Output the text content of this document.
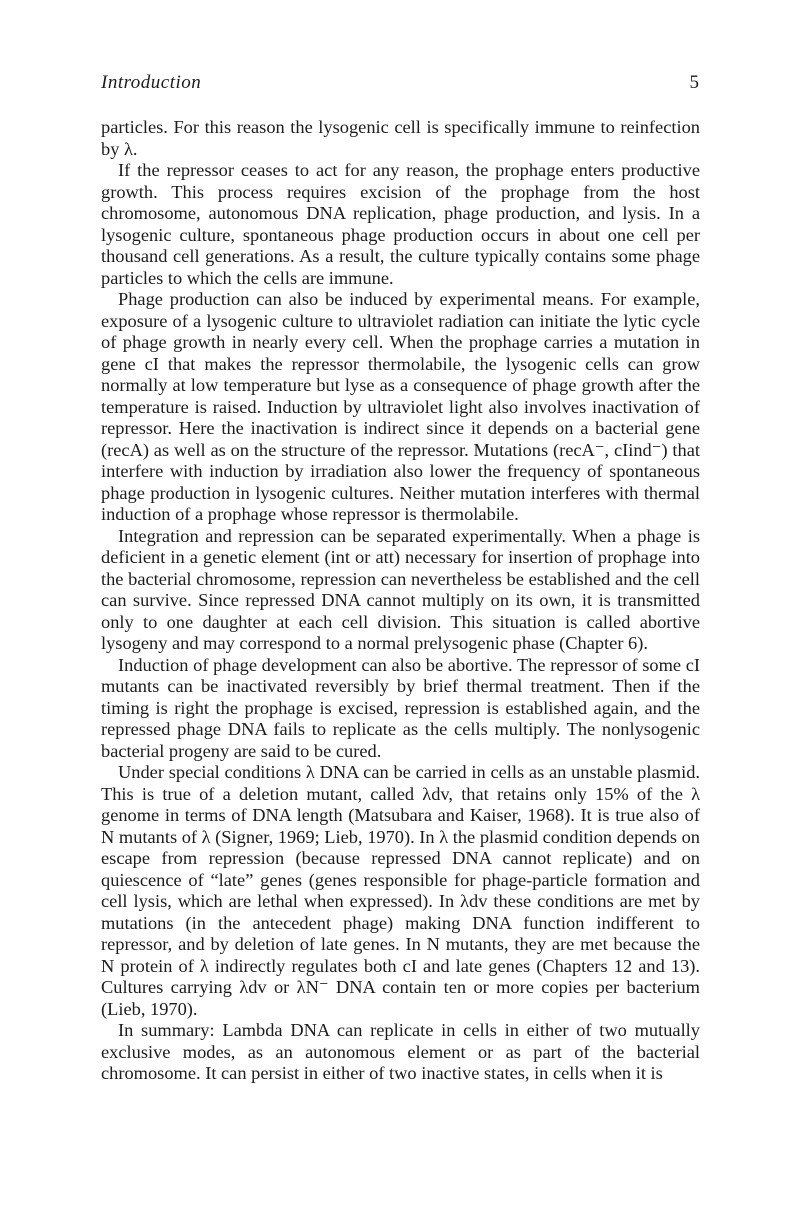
Introduction	5

particles. For this reason the lysogenic cell is specifically immune to reinfection by λ.

If the repressor ceases to act for any reason, the prophage enters productive growth. This process requires excision of the prophage from the host chromosome, autonomous DNA replication, phage production, and lysis. In a lysogenic culture, spontaneous phage production occurs in about one cell per thousand cell generations. As a result, the culture typically contains some phage particles to which the cells are immune.

Phage production can also be induced by experimental means. For example, exposure of a lysogenic culture to ultraviolet radiation can initiate the lytic cycle of phage growth in nearly every cell. When the prophage carries a mutation in gene cI that makes the repressor thermolabile, the lysogenic cells can grow normally at low temperature but lyse as a consequence of phage growth after the temperature is raised. Induction by ultraviolet light also involves inactivation of repressor. Here the inactivation is indirect since it depends on a bacterial gene (recA) as well as on the structure of the repressor. Mutations (recA⁻, cIind⁻) that interfere with induction by irradiation also lower the frequency of spontaneous phage production in lysogenic cultures. Neither mutation interferes with thermal induction of a prophage whose repressor is thermolabile.

Integration and repression can be separated experimentally. When a phage is deficient in a genetic element (int or att) necessary for insertion of prophage into the bacterial chromosome, repression can nevertheless be established and the cell can survive. Since repressed DNA cannot multiply on its own, it is transmitted only to one daughter at each cell division. This situation is called abortive lysogeny and may correspond to a normal prelysogenic phase (Chapter 6).

Induction of phage development can also be abortive. The repressor of some cI mutants can be inactivated reversibly by brief thermal treatment. Then if the timing is right the prophage is excised, repression is established again, and the repressed phage DNA fails to replicate as the cells multiply. The nonlysogenic bacterial progeny are said to be cured.

Under special conditions λ DNA can be carried in cells as an unstable plasmid. This is true of a deletion mutant, called λdv, that retains only 15% of the λ genome in terms of DNA length (Matsubara and Kaiser, 1968). It is true also of N mutants of λ (Signer, 1969; Lieb, 1970). In λ the plasmid condition depends on escape from repression (because repressed DNA cannot replicate) and on quiescence of “late” genes (genes responsible for phage-particle formation and cell lysis, which are lethal when expressed). In λdv these conditions are met by mutations (in the antecedent phage) making DNA function indifferent to repressor, and by deletion of late genes. In N mutants, they are met because the N protein of λ indirectly regulates both cI and late genes (Chapters 12 and 13). Cultures carrying λdv or λN⁻ DNA contain ten or more copies per bacterium (Lieb, 1970).

In summary: Lambda DNA can replicate in cells in either of two mutually exclusive modes, as an autonomous element or as part of the bacterial chromosome. It can persist in either of two inactive states, in cells when it is
